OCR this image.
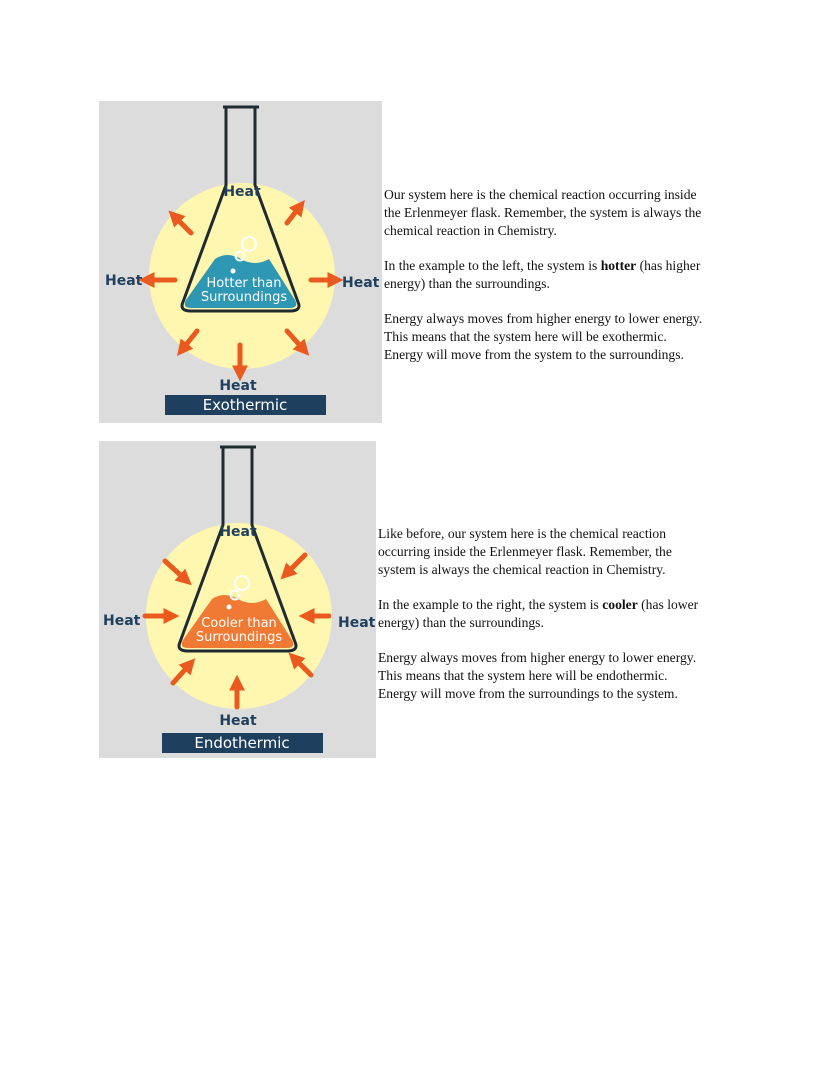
Heat
Heat	Heat
Heat
Hotter than
Surroundings
Exothermic

Our system here is the chemical reaction occurring inside
the Erlenmeyer flask. Remember, the system is always the
chemical reaction in Chemistry.

In the example to the left, the system is hotter (has higher
energy) than the surroundings.

Energy always moves from higher energy to lower energy.
This means that the system here will be exothermic.
Energy will move from the system to the surroundings.

Heat
Heat	Heat
Heat
Cooler than
Surroundings
Endothermic

Like before, our system here is the chemical reaction
occurring inside the Erlenmeyer flask. Remember, the
system is always the chemical reaction in Chemistry.

In the example to the right, the system is cooler (has lower
energy) than the surroundings.

Energy always moves from higher energy to lower energy.
This means that the system here will be endothermic.
Energy will move from the surroundings to the system.
